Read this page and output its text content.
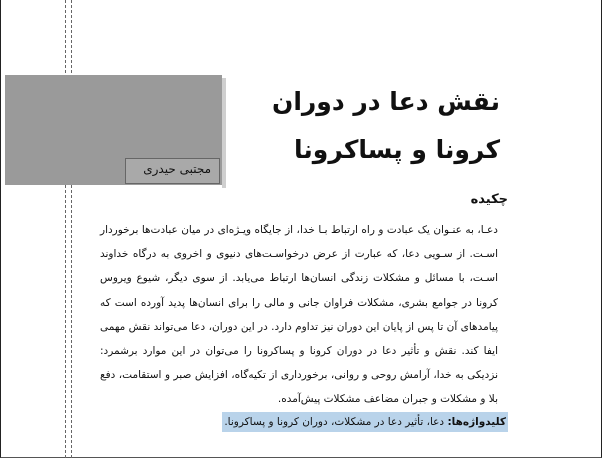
مجتبی حیدری
نقش دعا در دوران کرونا و پساکرونا
چکیده
دعـا، به عنـوان یک عبادت و راه ارتباط بـا خدا، از جایگاه ویـژه‌ای در میان عبادت‌ها برخوردار اسـت. از سـویی دعا، که عبارت از عرض درخواسـت‌های دنیوی و اخروی به درگاه خداوند اسـت، با مسائل و مشکلات زندگی انسان‌ها ارتباط می‌یابد. از سوی دیگر، شیوع ویروس کرونا در جوامع بشری، مشکلات فراوان جانی و مالی را برای انسان‌ها پدید آورده است که پیامدهای آن تا پس از پایان این دوران نیز تداوم دارد. در این دوران، دعا می‌تواند نقش مهمی ایفا کند. نقش و تأثیر دعا در دوران کرونا و پساکرونا را می‌توان در این موارد برشمرد: نزدیکی به خدا، آرامش روحی و روانی، برخورداری از تکیه‌گاه، افزایش صبر و استقامت، دفع بلا و مشکلات و جبران مضاعف مشکلات پیش‌آمده.
کلیدواژه‌ها: دعا، تأثیر دعا در مشکلات، دوران کرونا و پساکرونا.
